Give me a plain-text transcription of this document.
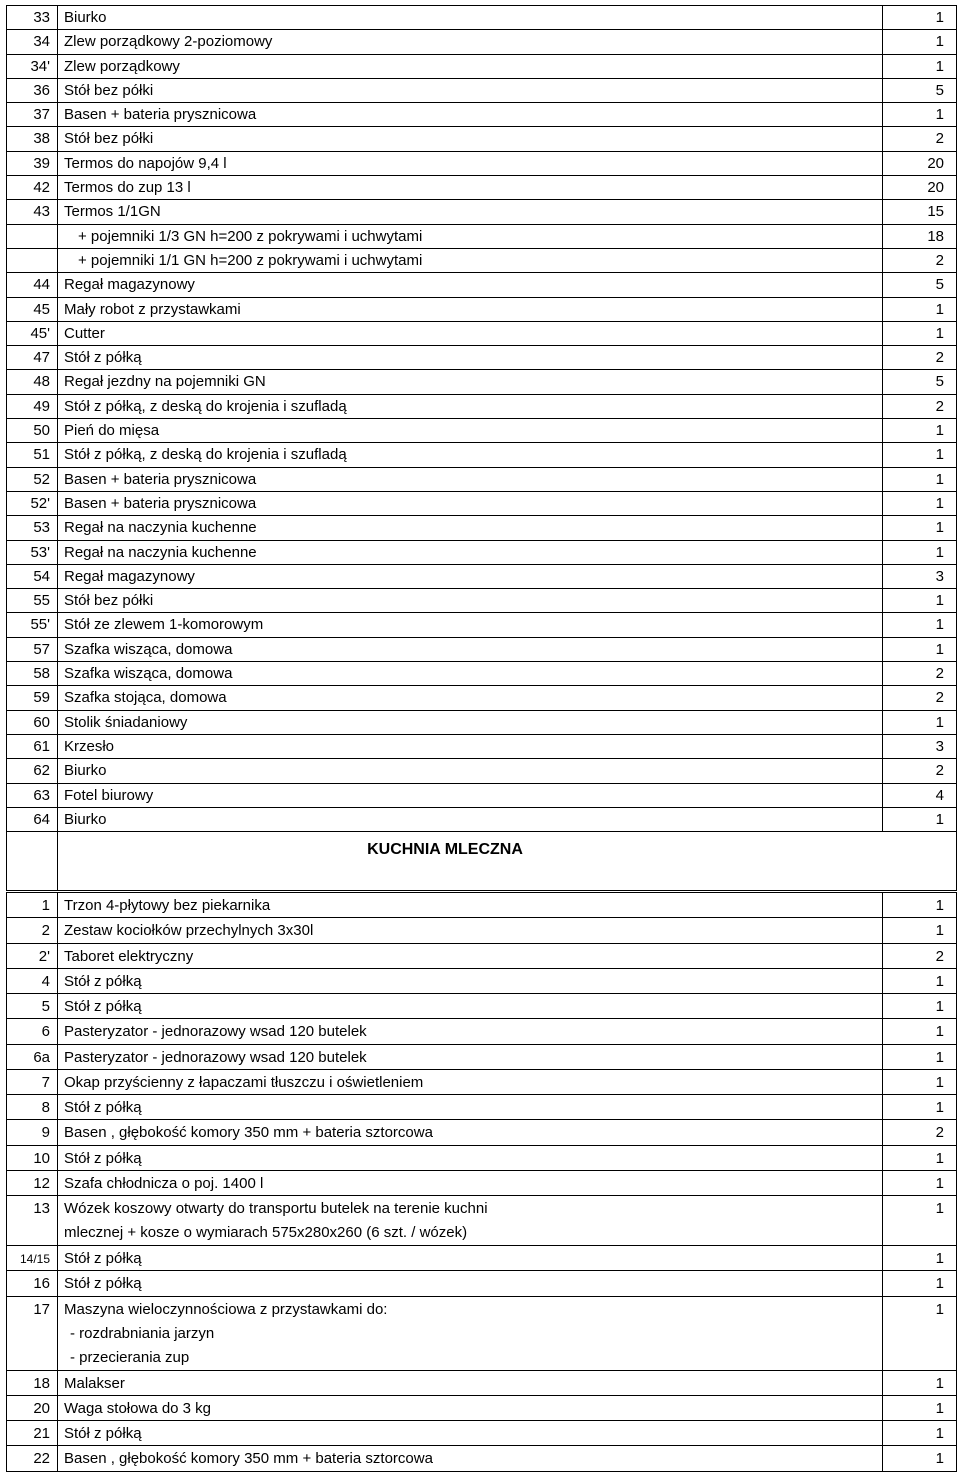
33	Biurko	1
34	Zlew porządkowy 2-poziomowy	1
34'	Zlew porządkowy	1
36	Stół bez półki	5
37	Basen + bateria prysznicowa	1
38	Stół bez półki	2
39	Termos do napojów 9,4 l	20
42	Termos do zup 13 l	20
43	Termos 1/1GN	15
	+ pojemniki 1/3 GN h=200 z pokrywami i uchwytami	18
	+ pojemniki 1/1 GN h=200 z pokrywami i uchwytami	2
44	Regał magazynowy	5
45	Mały robot z przystawkami	1
45'	Cutter	1
47	Stół z półką	2
48	Regał jezdny na pojemniki GN	5
49	Stół z półką, z deską do krojenia i szufladą	2
50	Pień do mięsa	1
51	Stół z półką, z deską do krojenia i szufladą	1
52	Basen + bateria prysznicowa	1
52'	Basen + bateria prysznicowa	1
53	Regał na naczynia kuchenne	1
53'	Regał na naczynia kuchenne	1
54	Regał magazynowy	3
55	Stół bez półki	1
55'	Stół ze zlewem 1-komorowym	1
57	Szafka wisząca, domowa	1
58	Szafka wisząca, domowa	2
59	Szafka stojąca, domowa	2
60	Stolik śniadaniowy	1
61	Krzesło	3
62	Biurko	2
63	Fotel biurowy	4
64	Biurko	1
	KUCHNIA MLECZNA	
1	Trzon 4-płytowy bez piekarnika	1
2	Zestaw kociołków przechylnych 3x30l	1
2'	Taboret elektryczny	2
4	Stół z półką	1
5	Stół z półką	1
6	Pasteryzator - jednorazowy wsad 120 butelek	1
6a	Pasteryzator - jednorazowy wsad 120 butelek	1
7	Okap przyścienny z łapaczami tłuszczu i oświetleniem	1
8	Stół z półką	1
9	Basen , głębokość komory 350 mm + bateria sztorcowa	2
10	Stół z półką	1
12	Szafa chłodnicza o poj. 1400 l	1
13	Wózek koszowy otwarty do transportu butelek na terenie kuchni
mlecznej + kosze o wymiarach 575x280x260 (6 szt. / wózek)	1
14/15	Stół z półką	1
16	Stół z półką	1
17	Maszyna wieloczynnościowa z przystawkami do:
- rozdrabniania jarzyn
- przecierania zup	1
18	Malakser	1
20	Waga stołowa do 3 kg	1
21	Stół z półką	1
22	Basen , głębokość komory 350 mm + bateria sztorcowa	1
